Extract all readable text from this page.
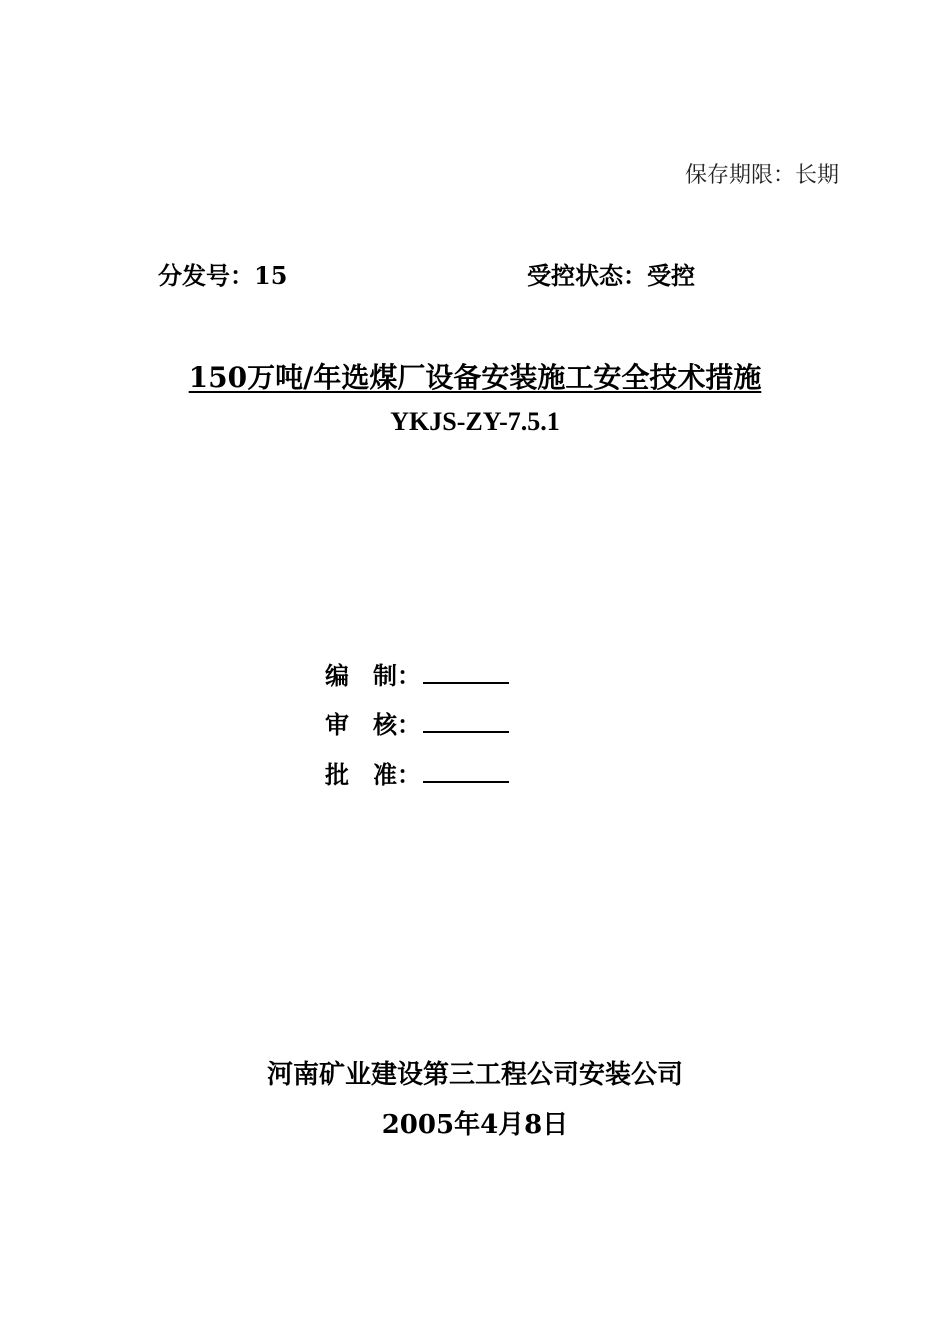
保存期限：长期
分发号：15	受控状态：受控
150万吨/年选煤厂设备安装施工安全技术措施
YKJS-ZY-7.5.1
编　制：
审　核：
批　准：
河南矿业建设第三工程公司安装公司
2005年4月8日
